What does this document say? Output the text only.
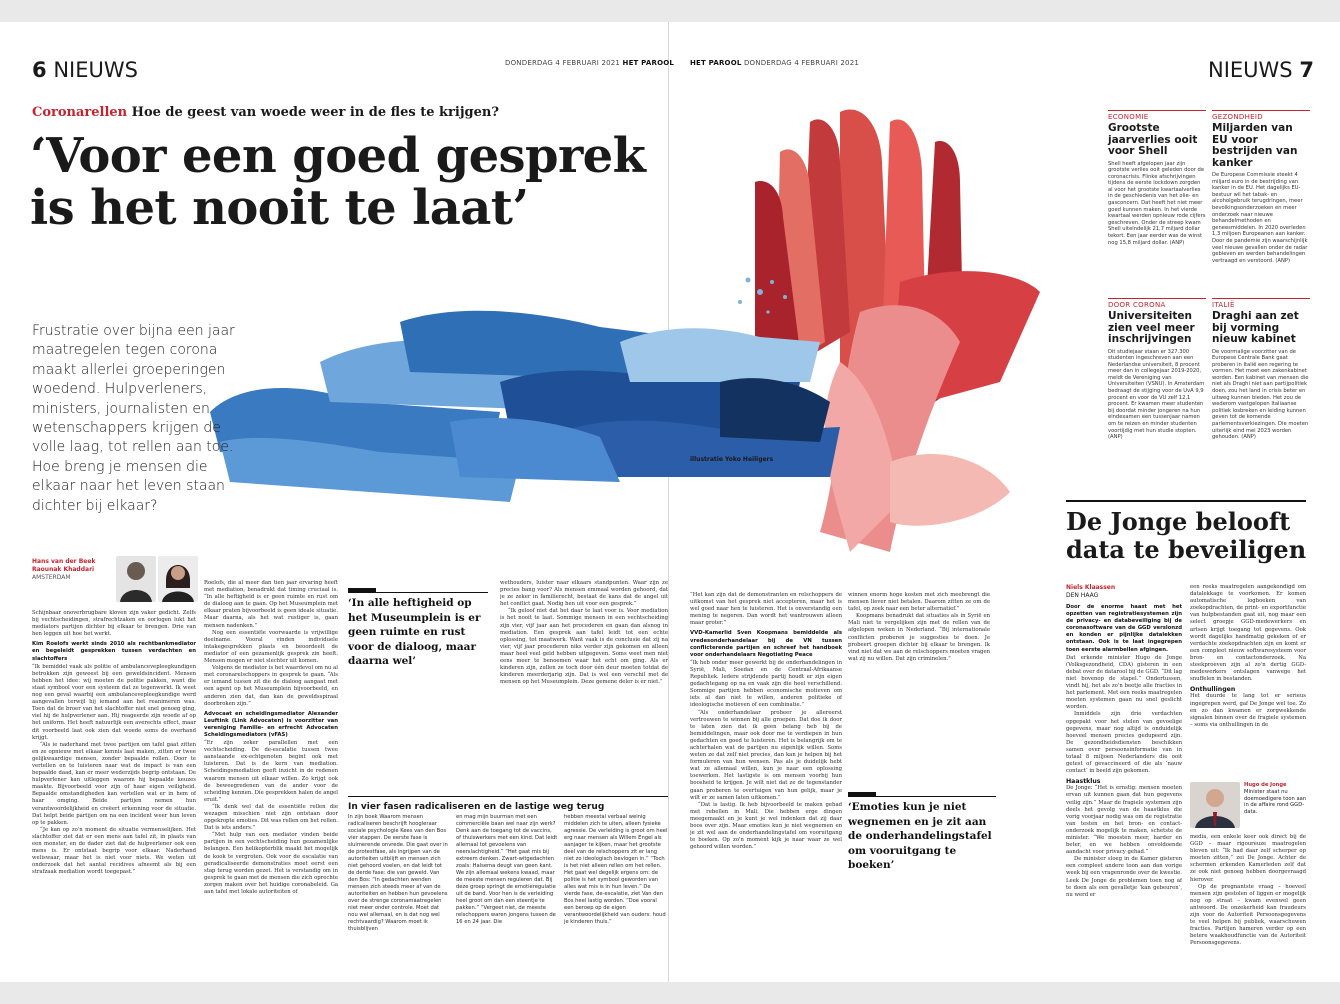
6 NIEUWS	DONDERDAG 4 FEBRUARI 2021 HET PAROOL HET PAROOL DONDERDAG 4 FEBRUARI 2021	NIEUWS 7
illustratie Yoko Heiligers
Coronarellen Hoe de geest van woede weer in de fles te krijgen?
‘Voor een goed gesprek
is het nooit te laat’

Frustratie over bijna een jaar maatregelen tegen corona maakt allerlei groeperingen woedend. Hulpverleners, ministers, journalisten en wetenschappers krijgen de volle laag, tot rellen aan toe. Hoe breng je mensen die elkaar naar het leven staan dichter bij elkaar?

Hans van der Beek
Raounak Khaddari
AMSTERDAM

Schijnbaar onoverbrugbare kloven zijn vaker gedicht. Zelfs bij vechtscheidingen, strafrechtzaken en oorlogen lukt het mediators partijen dichter bij elkaar te brengen. Drie van hen leggen uit hoe het werkt.

Kim Roelofs werkt sinds 2010 als rechtbankmediator en begeleidt gesprekken tussen verdachten en slachtoffers

“Ik bemiddel vaak als politie of ambulancevepleegkundigen betrokken zijn geweest bij een geweldsincident. Mensen hebben het idee: wij moeten de politie pakken, want die staat symbool voor een systeem dat ze tegenwerkt. Ik weet nog een geval waarbij een ambulancevepleegkundige werd aangevallen terwijl hij iemand aan het reanimeren was. Toen dat de broer van het slachtoffer niet snel genoeg ging, viel hij de hulpverlener aan. Hij reageerde zijn woede af op het uniform. Het heeft natuurlijk een averechts effect, maar dit voorbeeld laat ook zien dat woede soms de overhand krijgt.

“Als ie naderhand met twee partijen om tafel gaat zitten en ze opnieuw met elkaar kennis laat maken, zitten er twee gelijkwaardige mensen, zonder bepaalde rollen. Door te vertellen en te luisteren naar wat de impact is van een bepaalde daad, kan er meer wederzijds begrip ontstaan. De hulpverlener kan uitleggen waarom hij bepaalde keuzes maakte. Bijvoorbeeld voor zijn of haar eigen veiligheid. Bepaalde omstandigheden kan vertellen wat er in hem of haar omging. Beide partijen nemen hun verantwoordelijkheid en creëert erkenning voor de situatie. Dat helpt beide partijen om na een incident weer hun leven op te pakken.

“Je kan op zo'n moment de situatie vermenselijken. Het slachtoffer ziet dat er een mens aan tafel zit, in plaats van een monster, en de dader ziet dat de hulpverlener ook een mens is. Er ontstaat begrip voor elkaar. Naderhand weliswaar, maar het is niet voor niets. We weten uit onderzoek dat het aantal recidives afneemt als bij een strafzaak mediation wordt toegepast.”

Roelofs, die al meer dan tien jaar ervaring heeft met mediation, benadrukt dat timing cruciaal is. “In alle heftigheid is er geen ruimte en rust om de dialoog aan te gaan. Op het Museumplein met elkaar praten bijvoorbeeld is geen ideale situatie. Maar daarna, als het wat rustiger is, gaan mensen nadenken.”

Nog een essentiële voorwaarde is vrijwillige deelname. Vooral vinden individuele intakegesprekken plaats en beoordeelt de mediator of een gezamenlijk gesprek zin heeft. Mensen mogen er niet slechter uit komen.

Volgens de mediator is het waardevol om nu al met coronarelschoppers in gesprek te gaan. “Als er iemand tussen zit die de dialoog aangaat met een agent op het Museumplein bijvoorbeeld, en anderen zien dat, dan kan de geweldsspiraal doorbroken zijn.”

Advocaat en scheidingsmediator Alexander Leuftink (Link Advocaten) is voorzitter van vereniging Familie- en erfrecht Advocaten Scheidingsmediators (vFAS)

“Er zijn zeker parallellen met een vechtscheiding. De de-escalatie tussen twee aanstaande ex-echtgenoten begint ook met luisteren. Dat is de kern van mediation. Scheidingsmediation geeft inzicht in de redenen waarom mensen uit elkaar willen. Zo krijgt ook de beweegredenen van de ander voor de scheiding kennen. Die gesprekken halen de angel eruit.”

“Ik denk wel dat de essentiële rellen die wezagen misschien niet zijn ontstaan door opgekropte emoties. Dit was rellen om het rellen. Dat is iets anders.”

“Met hulp van een mediator vinden beide partijen in een vechtscheiding hun gezamenlijke belangen. Een helikopterblik maakt het mogelijk de kook te vergroten. Ook voor de escalatie van geradicaliseerde demonstraties moet eerst een stap terug worden gezet. Het is verstandig om in gesprek te gaan met de mensen die zich oprechte zorgen maken over het huidige coronabeleid. Ga aan tafel met lokale autoriteiten of

‘In alle heftigheid op het Museumplein is er geen ruimte en rust voor de dialoog, maar daarna wel’

wethouders, luister naar elkaars standpunten. Waar zijn ze precies bang voor? Als mensen emmaal worden gehoord, dat je ze zeker in familierecht, bestaat de kans dat de angel uit het conflict gaat. Nodig hen uit voor een gesprek.”

“Ik geloof niet dat het daar te laat voor is. Voor mediation is het nooit te laat. Sommige mensen in een vechtscheiding zijn vier, vijf jaar aan het procederen en gaan dan alsnog in mediation. Een gesprek aan tafel leidt tot een echte oplossing, tot maatwerk. Want vaak is de conclusie dat zij na vier, vijf jaar procederen niks verder zijn gekomen en alleen maar heel veel geld hebben uitgegeven. Soms weet men niet eens meer te benoemen waar het echt om ging. Als er kinderen zijn, zullen ze toch door één deur moeten totdat de kinderen meerderjarig zijn. Dat is wel een verschil met de mensen op het Museumplein. Deze gemene deler is er niet.”

In vier fasen radicaliseren en de lastige weg terug
In zijn boek Waarom mensen radicaliseren beschrijft hoogleraar sociale psychologie Kees van den Bos vier stappen. De eerste fase is sluimerende onvrede. Die gaat over in de protestfase, als ingrijpen van de autoriteiten uitblijft en mensen zich niet gehoord voelen, en dat leidt tot de derde fase: die van geweld. Van den Bos: “In gedachten wenden mensen zich steeds meer af van de autoriteiten en hebben hun gevoelens over de strenge coronamaatregelen niet meer onder controle. Moet dat nou wel allemaal, en is dat nog wel rechtvaardig? Waarom moet ik thuisblijven
en mag mijn buurman met een commerciële baan wel naar zijn werk? Denk aan de toegang tot de vaccins, of thuiswerkers met een kind. Dat leidt allemaal tot gevoelens van neerslachtigheid.” “Het gaat mis bij extreem denken. Zwart-witgedachten zoals: Halsema deugt van geen kant. We zijn allemaal wekens kwaad, maar de meeste mensen reguleren dat. Bij deze groep springt de emotieregulatie uit de band. Voor hen is de verleiding heel groot om dan een steentje te pakken.” “Vergeet niet, de meeste relschoppers waren jongens tussen de 16 en 24 jaar. Die
hebben meestal verbaal weinig middelen zich te uiten, alleen fysieke agressie. De verleiding is groot om heel erg naar mensen als Willem Engel als aanjager te kijken, maar het grootste deel van de relschoppers zit er lang niet zo ideologisch bevlogen in.” “Toch is het niet alleen rellen om het rellen. Het gaat wel degelijk ergens om: de politie is het symbool geworden van alles wat mis is in hun leven.” De vierde fase, de-escalatie, ziet Van den Bos heel lastig worden. “Doe vooral een beroep op de eigen verantwoordelijkheid van ouders: houd je kinderen thuis.”

“Het kan zijn dat de demonstranten en relschoppers de uitkomst van het gesprek niet accepteren, maar het is wel goed naar hen te luisteren. Het is onverstandig een mening te negeren. Dan wordt het wantrouwen alleen maar groter.”

VVD-Kamerlid Sven Koopmans bemiddelde als vredesonderhandelaar bij de VN tussen conflicterende partijen en schreef het handboek voor onderhandelaars Negotiating Peace

“Ik heb onder meer gewerkt bij de onderhandelingen in Syrië, Mali, Soedan en de Centraal-Afrikaanse Republiek. Iedere strijdende partij houdt er zijn eigen gedachtegang op na en vaak zijn die heel verschillend. Sommige partijen hebben economische motieven om iets al dan niet te willen, anderen politieke of ideologische motieven of een combinatie.”

“Als onderhandelaar probeer je allereerst vertrouwen te winnen bij alle groepen. Dat doe ik door te laten zien dat ik geen belang heb bij de bemiddelingen, maar ook door me te verdiepen in hun gedachten en goed te luisteren. Het is belangrijk om te achterhalen wat de partijen nu eigenlijk willen. Soms weten ze dat zelf niet precies, dan kan je helpen bij het formuleren van hun wensen. Pas als je duidelijk hebt wat ze allemaal willen, kun je naar een oplossing toewerken. Het lastigste is om mensen voorbij hun boosheid te krijgen. Je wilt niet dat ze de tegenstander gaan proberen te overtuigen van hun gelijk, maar je wilt er ze samen laten uitkomen.”

“Dat is lastig. Ik heb bijvoorbeeld te maken gehad met rebellen in Mali. Die hebben erge dingen meegemaakt en je kunt je wel indenken dat zij daar boos over zijn. Maar emoties kun je niet wegnemen en je zit wel aan de onderhandelingstafel om vooruitgang te boeken. Op zo'n moment kijk je naar waar ze wel gehoord willen worden.”

winnen enorm hoge kosten met zich meebrengt die mensen liever niet betalen. Daarom zitten ze om de tafel, op zoek naar een beter alternatief.”

Koopmans benadrukt dat situaties als in Syrië en Mali niet te vergelijken zijn met de rellen van de afgelopen weken in Nederland. “Bij internationale conflicten proberen je suggesties te doen. Je probeert groepen dichter bij elkaar te brengen. Ik vind niet dat we aan de relschoppers moeten vragen wat zij nu willen. Dat zijn criminelen.”

‘Emoties kun je niet wegnemen en je zit aan de onderhandelingstafel om vooruitgang te boeken’
ECONOMIE
Grootste jaarverlies ooit voor Shell
Shell heeft afgelopen jaar zijn grootste verlies ooit geleden door de coronacrisis. Flinke afschrijvingen tijdens de eerste lockdown zorgden al voor het grootste kwartaalverlies in de geschiedenis van het olie- en gasconcern. Dat heeft het niet meer goed kunnen maken. In het vierde kwartaal werden opnieuw rode cijfers geschreven. Onder de streep kwam Shell uiteindelijk 21,7 miljard dollar tekort. Een jaar eerder was de winst nog 15,8 miljard dollar. (ANP)
GEZONDHEID
Miljarden van EU voor bestrijden van kanker
De Europese Commissie steekt 4 miljard euro in de bestrijding van kanker in de EU. Het dagelijks EU-bestuur wil het tabak- en alcoholgebruik terugdringen, meer bevolkingsonderzoeken en meer onderzoek naar nieuwe behandelmethoden en geneesmiddelen. In 2020 overleden 1,3 miljoen Europeanen aan kanker. Door de pandemie zijn waarschijnlijk veel nieuwe gevallen onder de radar gebleven en werden behandelingen vertraagd en verstoord. (ANP)
DOOR CORONA
Universiteiten zien veel meer inschrijvingen
Dit studiejaar staan er 327.300 studenten ingeschreven aan een Nederlandse universiteit, 8 procent meer dan in collegejaar 2019-2020, meldt de Vereniging van Universiteiten (VSNU). In Amsterdam bedraagt de stijging voor de UvA 9,9 procent en voor de VU zelf 12,1 procent. Er kwamen meer studenten bij doordat minder jongeren na hun eindexamen een tussenjaar namen om te reizen en minder studenten voortijdig met hun studie stopten. (ANP)
ITALIË
Draghi aan zet bij vorming nieuw kabinet
De voormalige voorzitter van de Europese Centrale Bank gaat proberen in Italië een regering te vormen. Het moet een zakenkabinet worden. Een kabinet van mensen die niet als Draghi niet aan partijpolitiek doen, zou het land in crisis beter en uitweg kunnen bieden. Het zou de wederom vastgelopen Italiaanse politiek losbreken en leiding kunnen geven tot de komende parlementsverkiezingen. Die moeten uiterlijk eind mei 2023 worden gehouden. (ANP)
De Jonge belooft
data te beveiligen
Niels Klaassen
DEN HAAG

Door de enorme haast met het opzetten van registratiesystemen zijn de privacy- en databeveiliging bij de coronasoftware van de GGD verslonzd en konden er pijnlijke datalekken ontstaan. Ook is te laat ingegrepen toen eerste alarmbellen afgingen.

Dat erkende minister Hugo de Jonge (Volksgezondheid, CDA) gisteren in een debat over de datarool bij de GGD. “Dit lag niet bovenop de stapel.” Ondertussen, vindt hij, het als zo'n beetje alle fracties in het parlement. Met een reeks maatregelen moeten systemen gaan nu snel geslicht worden.

Inmiddels zijn drie verdachten opgepakt voor het stelen van gevoelige gegevens, maar nog altijd is onduidelijk hoeveel mensen precies gedupeerd zijn. De gezondheidsdiensten beschikken samen over persoonsinformatie van in totaal 8 miljoen Nederlanders die ooit getest of gevaccineerd of die als ‘nauw contact’ in beeld zijn gekomen.

Haastklus

De Jonge: “Het is ernstig: mensen moeten ervan uit kunnen gaan dat hun gegevens veilig zijn.” Maar de fragiele systemen zijn deels het gevolg van de haastklus die vorig voorjaar nodig was om de registratie van testen en het bron- en contact-onderzoek mogelijk te maken, schetste de minister. “We moesten meer, harder en beter, en we hebben onvoldoende aandacht voor privacy gehad.”

De minister sloeg in de Kamer gisteren een compleet andere toon aan dan vorige week bij een vragenronde over de kwestie. Leek De Jonge de problemen toen nog af te doen als een gevalletje ‘kan gebeuren’, nu werd er

een reeks maatregelen aangekondigd om datalekkage te voorkomen. Er komen automatische logboeken van zoekopdrachten, de print- en exportfunctie van hulpbestanden gaat uit, nog maar een select groepje GGD-medewerkers en artsen krijgt toegang tot gegevens. Ook wordt dagelijks handmatig gekeken of er verdachte zoekopdrachten zijn en komt er een compleet nieuw softwaresysteem voor bron- en contactonderzoek. Na steekproeven zijn al zo'n dertig GGD-medewerkers ontslagen vanwege het snuffelen in bestanden.

Onthullingen

Het duurde te lang tot er serieus ingegrepen werd, gaf De Jonge wel toe. Zo en zo dan kwamen er zorgwekkende signalen binnen over de fragiele systemen – soms via onthullingen in de

Hugo de Jonge
Minister staat nu doemoedigere toon aan in de affaire rond GGD-data.

media, een enkele keer ook direct bij de GGD – maar rigoureuze maatregelen bleven uit: “Ik had daar zelf scherper op moeten zitten,” zei De Jonge. Achter de schermen erkenden Kamerleden zelf dat ze ook niet genoeg hebben doorgevraagd hierover.

Op de pregnantste vraag – hoeveel mensen zijn gestolen of liggen er mogelijk nog op straat – kwam evenwel geen antwoord. De onzekerheid kan fraudeurs zijn voor de Autoriteit Persoonsgegevens te veel helpen bij publiek, waarschuwen fracties. Partijen hameren verder op een betere waakhoudfunctie van de Autoriteit Persoonsgegevens.
